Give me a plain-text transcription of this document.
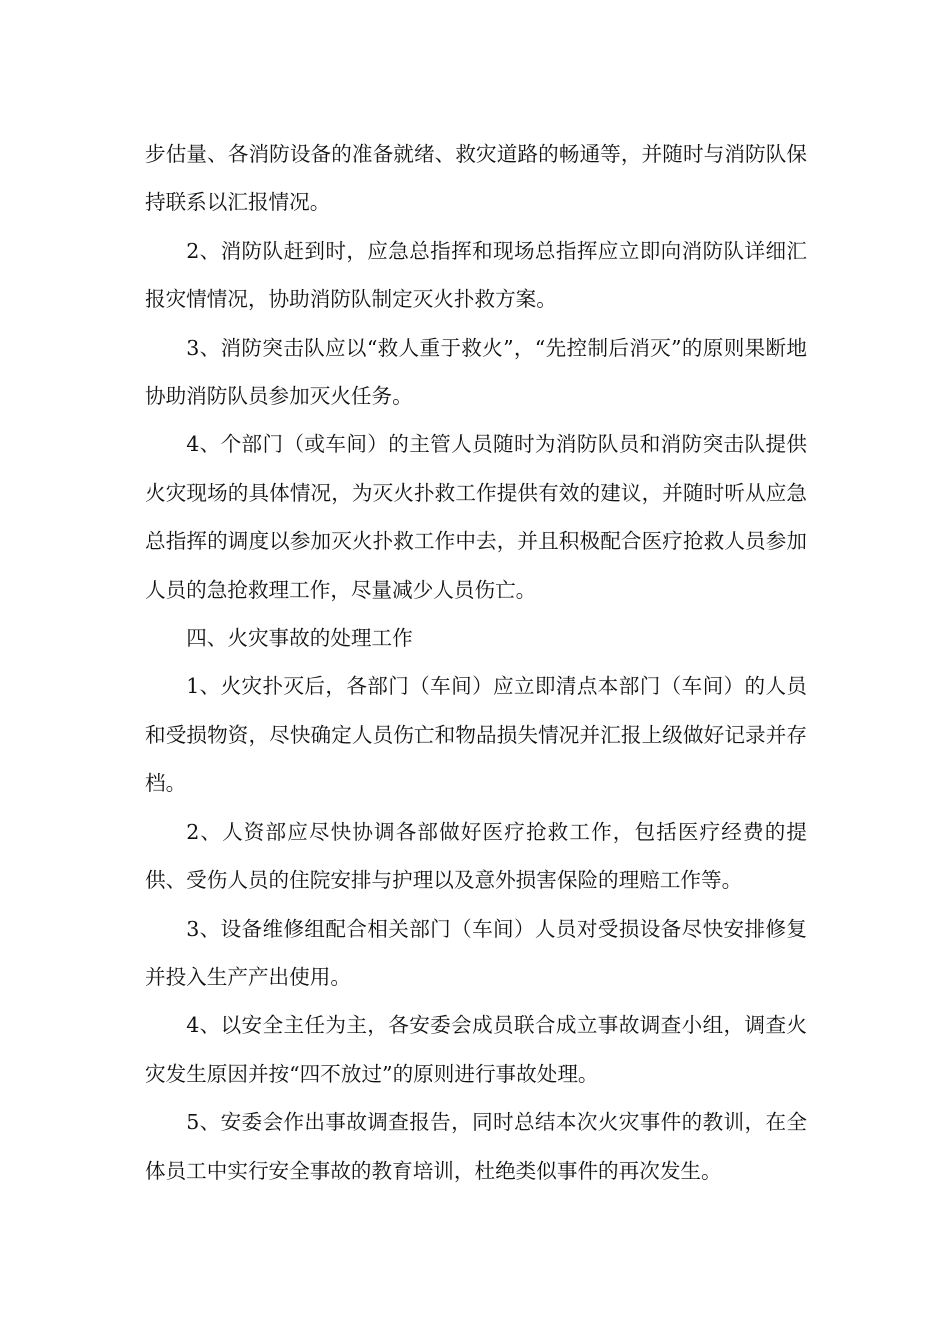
步估量、各消防设备的准备就绪、救灾道路的畅通等，并随时与消防队保持联系以汇报情况。

2、消防队赶到时，应急总指挥和现场总指挥应立即向消防队详细汇报灾情情况，协助消防队制定灭火扑救方案。

3、消防突击队应以“救人重于救火”，“先控制后消灭”的原则果断地协助消防队员参加灭火任务。

4、个部门（或车间）的主管人员随时为消防队员和消防突击队提供火灾现场的具体情况，为灭火扑救工作提供有效的建议，并随时听从应急总指挥的调度以参加灭火扑救工作中去，并且积极配合医疗抢救人员参加人员的急抢救理工作，尽量减少人员伤亡。

四、火灾事故的处理工作

1、火灾扑灭后，各部门（车间）应立即清点本部门（车间）的人员和受损物资，尽快确定人员伤亡和物品损失情况并汇报上级做好记录并存档。

2、人资部应尽快协调各部做好医疗抢救工作，包括医疗经费的提供、受伤人员的住院安排与护理以及意外损害保险的理赔工作等。

3、设备维修组配合相关部门（车间）人员对受损设备尽快安排修复并投入生产产出使用。

4、以安全主任为主，各安委会成员联合成立事故调查小组，调查火灾发生原因并按“四不放过”的原则进行事故处理。

5、安委会作出事故调查报告，同时总结本次火灾事件的教训，在全体员工中实行安全事故的教育培训，杜绝类似事件的再次发生。
